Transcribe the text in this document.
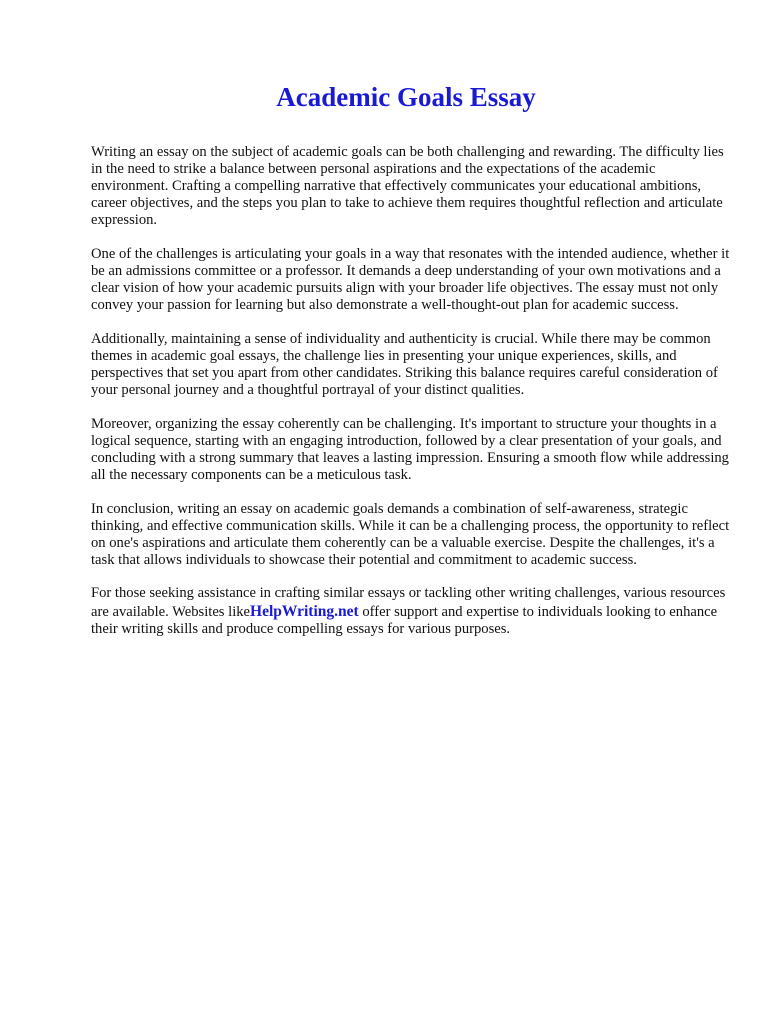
Academic Goals Essay

Writing an essay on the subject of academic goals can be both challenging and rewarding. The difficulty lies in the need to strike a balance between personal aspirations and the expectations of the academic environment. Crafting a compelling narrative that effectively communicates your educational ambitions, career objectives, and the steps you plan to take to achieve them requires thoughtful reflection and articulate expression.

One of the challenges is articulating your goals in a way that resonates with the intended audience, whether it be an admissions committee or a professor. It demands a deep understanding of your own motivations and a clear vision of how your academic pursuits align with your broader life objectives. The essay must not only convey your passion for learning but also demonstrate a well-thought-out plan for academic success.

Additionally, maintaining a sense of individuality and authenticity is crucial. While there may be common themes in academic goal essays, the challenge lies in presenting your unique experiences, skills, and perspectives that set you apart from other candidates. Striking this balance requires careful consideration of your personal journey and a thoughtful portrayal of your distinct qualities.

Moreover, organizing the essay coherently can be challenging. It's important to structure your thoughts in a logical sequence, starting with an engaging introduction, followed by a clear presentation of your goals, and concluding with a strong summary that leaves a lasting impression. Ensuring a smooth flow while addressing all the necessary components can be a meticulous task.

In conclusion, writing an essay on academic goals demands a combination of self-awareness, strategic thinking, and effective communication skills. While it can be a challenging process, the opportunity to reflect on one's aspirations and articulate them coherently can be a valuable exercise. Despite the challenges, it's a task that allows individuals to showcase their potential and commitment to academic success.

For those seeking assistance in crafting similar essays or tackling other writing challenges, various resources are available. Websites likeHelpWriting.net offer support and expertise to individuals looking to enhance their writing skills and produce compelling essays for various purposes.
